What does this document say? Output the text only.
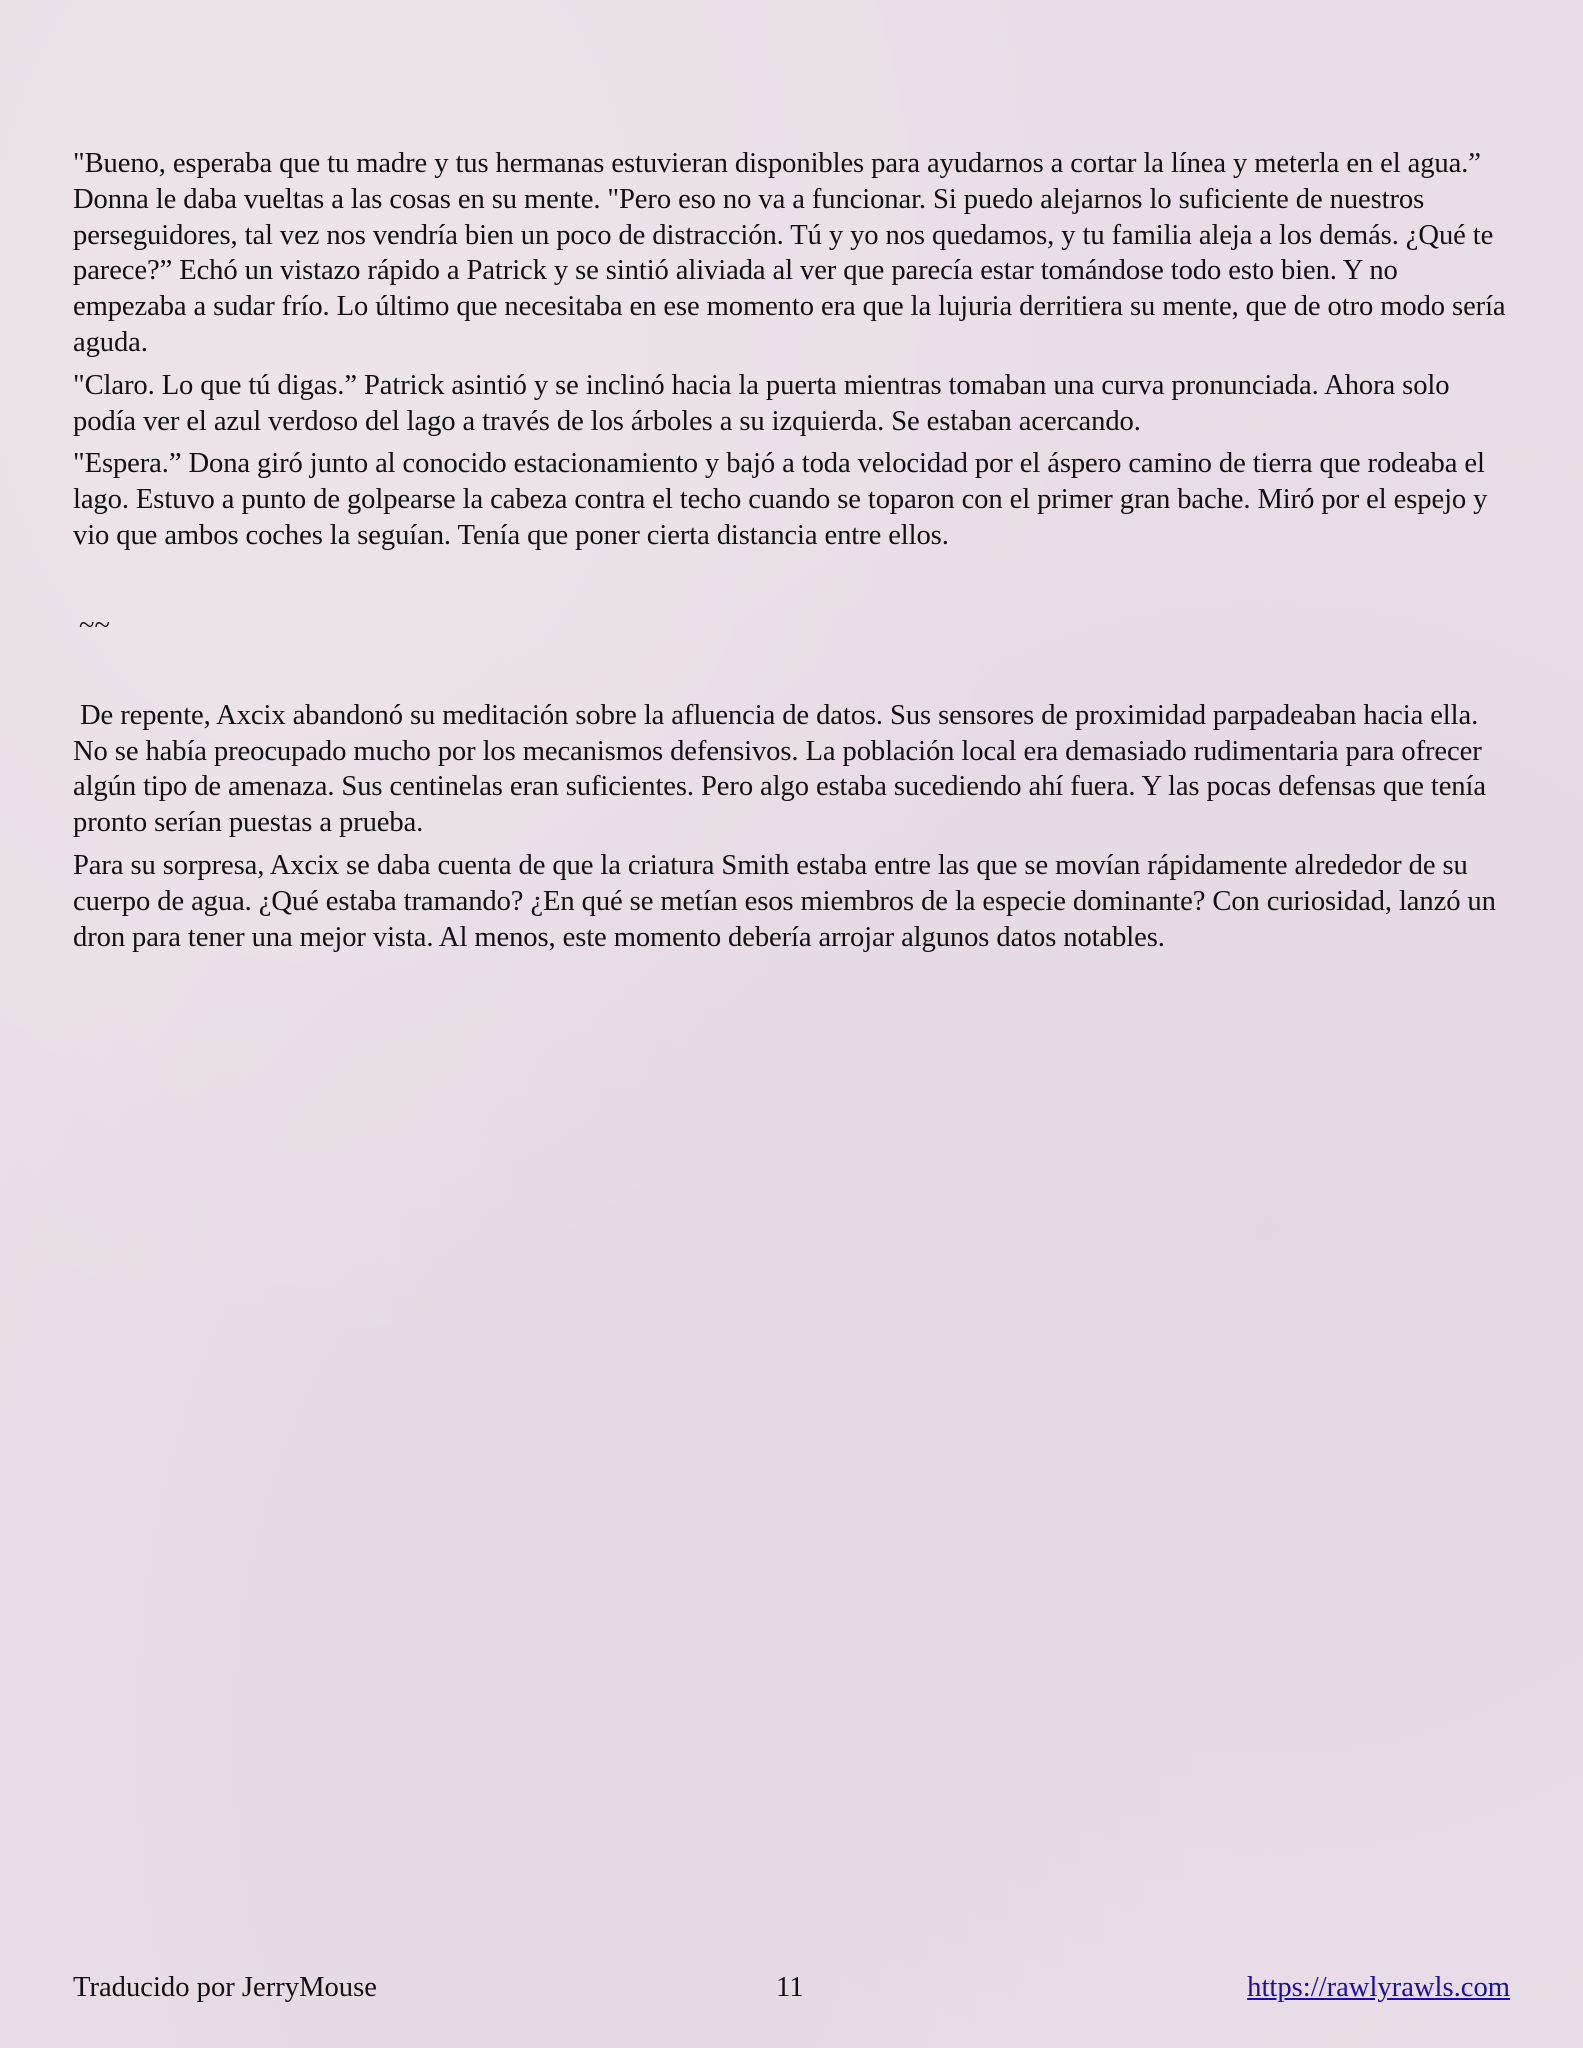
"Bueno, esperaba que tu madre y tus hermanas estuvieran disponibles para ayudarnos a cortar la línea y meterla en el agua.” Donna le daba vueltas a las cosas en su mente. "Pero eso no va a funcionar. Si puedo alejarnos lo suficiente de nuestros perseguidores, tal vez nos vendría bien un poco de distracción. Tú y yo nos quedamos, y tu familia aleja a los demás. ¿Qué te parece?” Echó un vistazo rápido a Patrick y se sintió aliviada al ver que parecía estar tomándose todo esto bien. Y no empezaba a sudar frío. Lo último que necesitaba en ese momento era que la lujuria derritiera su mente, que de otro modo sería aguda.

"Claro. Lo que tú digas.” Patrick asintió y se inclinó hacia la puerta mientras tomaban una curva pronunciada. Ahora solo podía ver el azul verdoso del lago a través de los árboles a su izquierda. Se estaban acercando.

"Espera.” Dona giró junto al conocido estacionamiento y bajó a toda velocidad por el áspero camino de tierra que rodeaba el lago. Estuvo a punto de golpearse la cabeza contra el techo cuando se toparon con el primer gran bache. Miró por el espejo y vio que ambos coches la seguían. Tenía que poner cierta distancia entre ellos.

~~

De repente, Axcix abandonó su meditación sobre la afluencia de datos. Sus sensores de proximidad parpadeaban hacia ella. No se había preocupado mucho por los mecanismos defensivos. La población local era demasiado rudimentaria para ofrecer algún tipo de amenaza. Sus centinelas eran suficientes. Pero algo estaba sucediendo ahí fuera. Y las pocas defensas que tenía pronto serían puestas a prueba.

Para su sorpresa, Axcix se daba cuenta de que la criatura Smith estaba entre las que se movían rápidamente alrededor de su cuerpo de agua. ¿Qué estaba tramando? ¿En qué se metían esos miembros de la especie dominante? Con curiosidad, lanzó un dron para tener una mejor vista. Al menos, este momento debería arrojar algunos datos notables.

Traducido por JerryMouse	11	https://rawlyrawls.com
